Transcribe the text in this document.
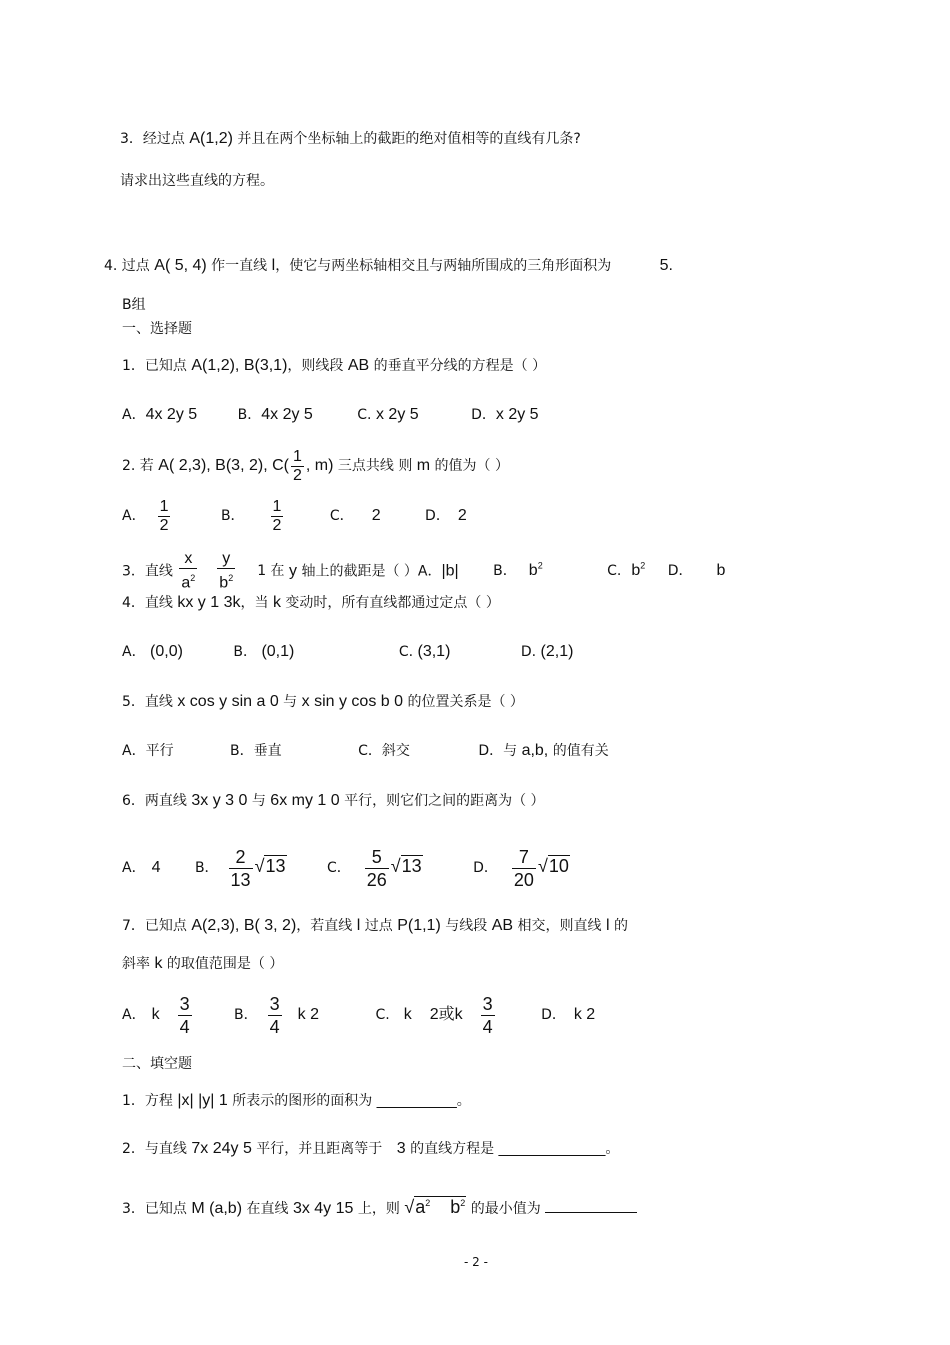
3．经过点 A(1,2) 并且在两个坐标轴上的截距的绝对值相等的直线有几条?
请求出这些直线的方程。
4. 过点 A( 5, 4) 作一直线 l，使它与两坐标轴相交且与两轴所围成的三角形面积为	5.
B组
一、选择题
1．已知点 A(1,2), B(3,1)，则线段 AB 的垂直平分线的方程是（ ）
A．4x 2y 5	B．4x 2y 5	C. x 2y 5	D．x 2y 5
2. 若 A( 2,3), B(3, 2), $C( \frac{1}{2}$ , m) 三点共线 则 m 的值为（ ）
A． $\frac{1}{2}$	B． $\frac{1}{2}$	C． 2	D． 2
3．直线 $\frac{x}{a^2} \frac{y}{b^2} 1$ 在 y 轴上的截距是（ ）A．|b| B． $b^2$	C. $b^2$ D． b
4．直线 kx y 1 3k，当 k 变动时，所有直线都通过定点（ ）
A． (0,0)	B． (0,1)	C. (3,1)	D. (2,1)
5．直线 x cos y sin a 0 与 x sin y cos b 0 的位置关系是（ ）
A．平行	B．垂直	C．斜交	D．与 a,b, 的值有关
6．两直线 3x y 3 0 与 6x my 1 0 平行，则它们之间的距离为（ ）
A． 4 B． $\frac{2}{13} √13$	C． $\frac{5}{26} √13$	D． $\frac{7}{20} √10$
7．已知点 A(2,3), B( 3, 2)，若直线 l 过点 P(1,1) 与线段 AB 相交，则直线 l 的
斜率 k 的取值范围是（ ）
A． k $\frac{3}{4}$	B． $\frac{3}{4}$ k 2	C. k 2或k $\frac{3}{4}$	D． k 2
二、填空题
1．方程 |x| |y| 1 所表示的图形的面积为 _________。
2．与直线 7x 24y 5 平行，并且距离等于 3 的直线方程是 ____________。
3．已知点 M (a,b) 在直线 3x 4y 15 上，则 $√a^2$ $b^2$ 的最小值为
- 2 -
